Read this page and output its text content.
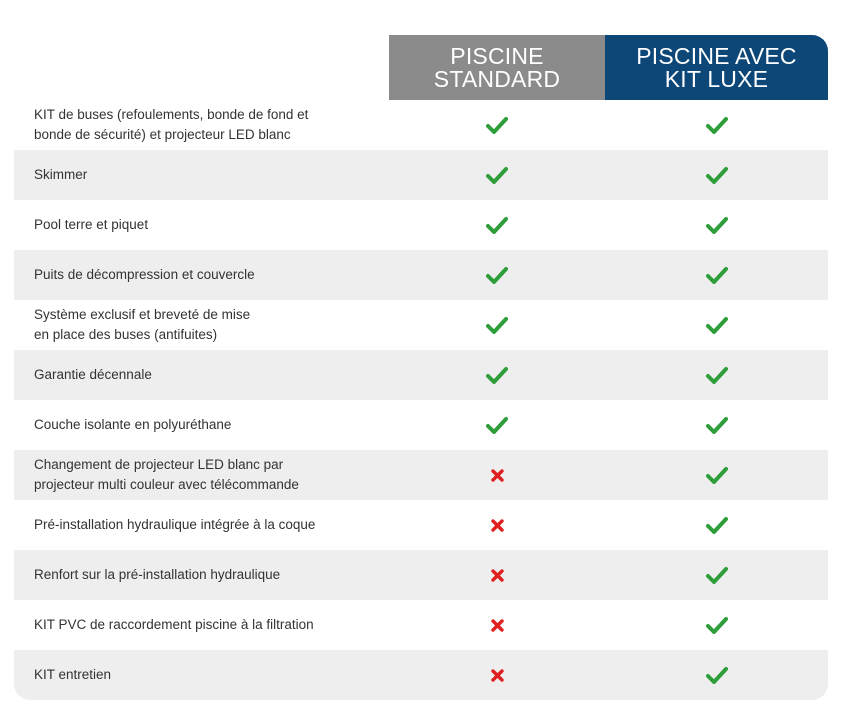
PISCINE
STANDARD
PISCINE AVEC
KIT LUXE
KIT de buses (refoulements, bonde de fond et
bonde de sécurité) et projecteur LED blanc
Skimmer
Pool terre et piquet
Puits de décompression et couvercle
Système exclusif et breveté de mise
en place des buses (antifuites)
Garantie décennale
Couche isolante en polyuréthane
Changement de projecteur LED blanc par
projecteur multi couleur avec télécommande
Pré-installation hydraulique intégrée à la coque
Renfort sur la pré-installation hydraulique
KIT PVC de raccordement piscine à la filtration
KIT entretien
